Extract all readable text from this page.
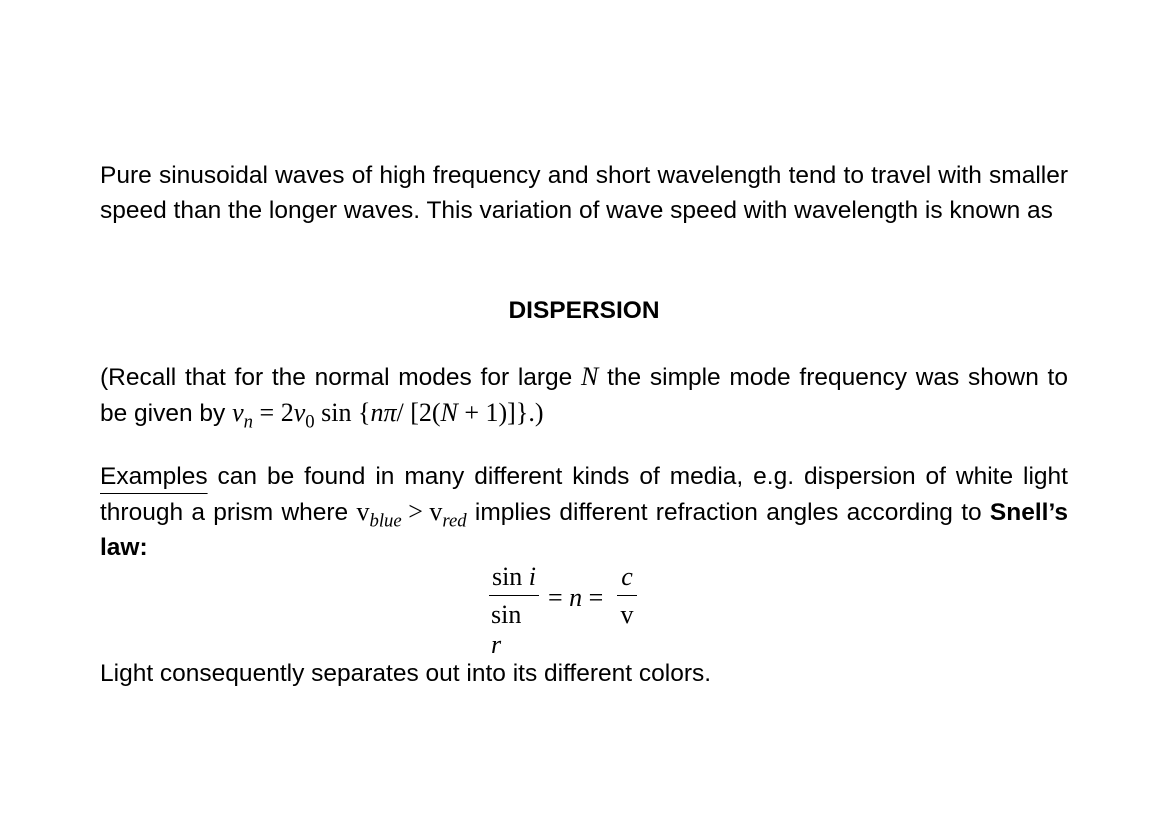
Pure sinusoidal waves of high frequency and short wavelength tend to travel with smaller speed than the longer waves. This variation of wave speed with wavelength is known as

DISPERSION

(Recall that for the normal modes for large N the simple mode frequency was shown to be given by $\nu_n = 2\nu_0$ sin {nπ/ [2(N + 1)]}.)

Examples can be found in many different kinds of media, e.g. dispersion of white light through a prism where $v_{blue} > v_{red}$ implies different refraction angles according to Snell’s law:

sin i
sin r
= n =
c
v

Light consequently separates out into its different colors.
